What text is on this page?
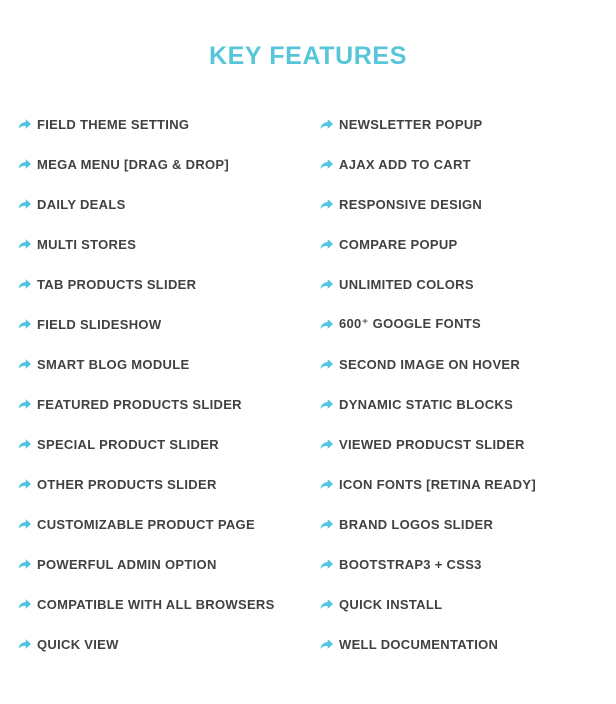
KEY FEATURES
FIELD THEME SETTING
MEGA MENU [DRAG & DROP]
DAILY DEALS
MULTI STORES
TAB PRODUCTS SLIDER
FIELD SLIDESHOW
SMART BLOG MODULE
FEATURED PRODUCTS SLIDER
SPECIAL PRODUCT SLIDER
OTHER PRODUCTS SLIDER
CUSTOMIZABLE PRODUCT PAGE
POWERFUL ADMIN OPTION
COMPATIBLE WITH ALL BROWSERS
QUICK VIEW
NEWSLETTER POPUP
AJAX ADD TO CART
RESPONSIVE DESIGN
COMPARE POPUP
UNLIMITED COLORS
600⁺ GOOGLE FONTS
SECOND IMAGE ON HOVER
DYNAMIC STATIC BLOCKS
VIEWED PRODUCST SLIDER
ICON FONTS [RETINA READY]
BRAND LOGOS SLIDER
BOOTSTRAP3 + CSS3
QUICK INSTALL
WELL DOCUMENTATION
